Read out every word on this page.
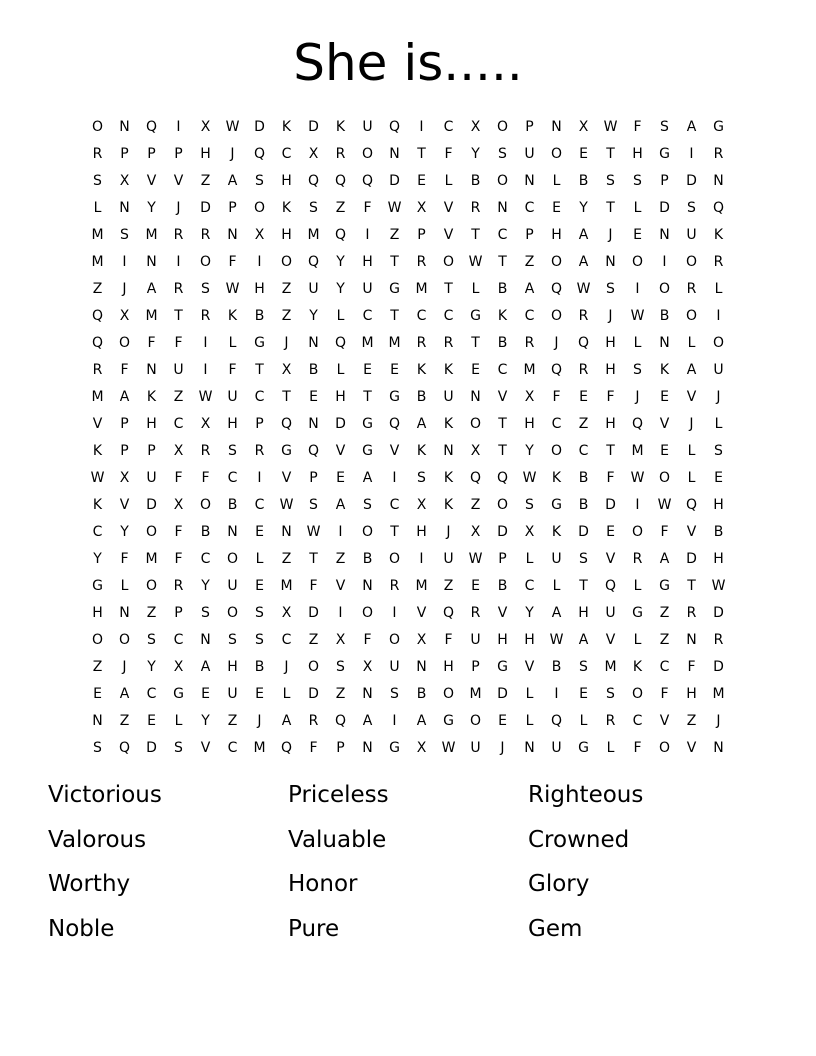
She is.....
O	N	Q	I	X	W	D	K	D	K	U	Q	I	C	X	O	P	N	X	W	F	S	A	G
R	P	P	P	H	J	Q	C	X	R	O	N	T	F	Y	S	U	O	E	T	H	G	I	R
S	X	V	V	Z	A	S	H	Q	Q	Q	D	E	L	B	O	N	L	B	S	S	P	D	N
L	N	Y	J	D	P	O	K	S	Z	F	W	X	V	R	N	C	E	Y	T	L	D	S	Q
M	S	M	R	R	N	X	H	M	Q	I	Z	P	V	T	C	P	H	A	J	E	N	U	K
M	I	N	I	O	F	I	O	Q	Y	H	T	R	O	W	T	Z	O	A	N	O	I	O	R
Z	J	A	R	S	W	H	Z	U	Y	U	G	M	T	L	B	A	Q	W	S	I	O	R	L
Q	X	M	T	R	K	B	Z	Y	L	C	T	C	C	G	K	C	O	R	J	W	B	O	I
Q	O	F	F	I	L	G	J	N	Q	M	M	R	R	T	B	R	J	Q	H	L	N	L	O
R	F	N	U	I	F	T	X	B	L	E	E	K	K	E	C	M	Q	R	H	S	K	A	U
M	A	K	Z	W	U	C	T	E	H	T	G	B	U	N	V	X	F	E	F	J	E	V	J
V	P	H	C	X	H	P	Q	N	D	G	Q	A	K	O	T	H	C	Z	H	Q	V	J	L
K	P	P	X	R	S	R	G	Q	V	G	V	K	N	X	T	Y	O	C	T	M	E	L	S
W	X	U	F	F	C	I	V	P	E	A	I	S	K	Q	Q	W	K	B	F	W	O	L	E
K	V	D	X	O	B	C	W	S	A	S	C	X	K	Z	O	S	G	B	D	I	W	Q	H
C	Y	O	F	B	N	E	N	W	I	O	T	H	J	X	D	X	K	D	E	O	F	V	B
Y	F	M	F	C	O	L	Z	T	Z	B	O	I	U	W	P	L	U	S	V	R	A	D	H
G	L	O	R	Y	U	E	M	F	V	N	R	M	Z	E	B	C	L	T	Q	L	G	T	W
H	N	Z	P	S	O	S	X	D	I	O	I	V	Q	R	V	Y	A	H	U	G	Z	R	D
O	O	S	C	N	S	S	C	Z	X	F	O	X	F	U	H	H	W	A	V	L	Z	N	R
Z	J	Y	X	A	H	B	J	O	S	X	U	N	H	P	G	V	B	S	M	K	C	F	D
E	A	C	G	E	U	E	L	D	Z	N	S	B	O	M	D	L	I	E	S	O	F	H	M
N	Z	E	L	Y	Z	J	A	R	Q	A	I	A	G	O	E	L	Q	L	R	C	V	Z	J
S	Q	D	S	V	C	M	Q	F	P	N	G	X	W	U	J	N	U	G	L	F	O	V	N
Victorious	Priceless	Righteous
Valorous	Valuable	Crowned
Worthy	Honor	Glory
Noble	Pure	Gem
